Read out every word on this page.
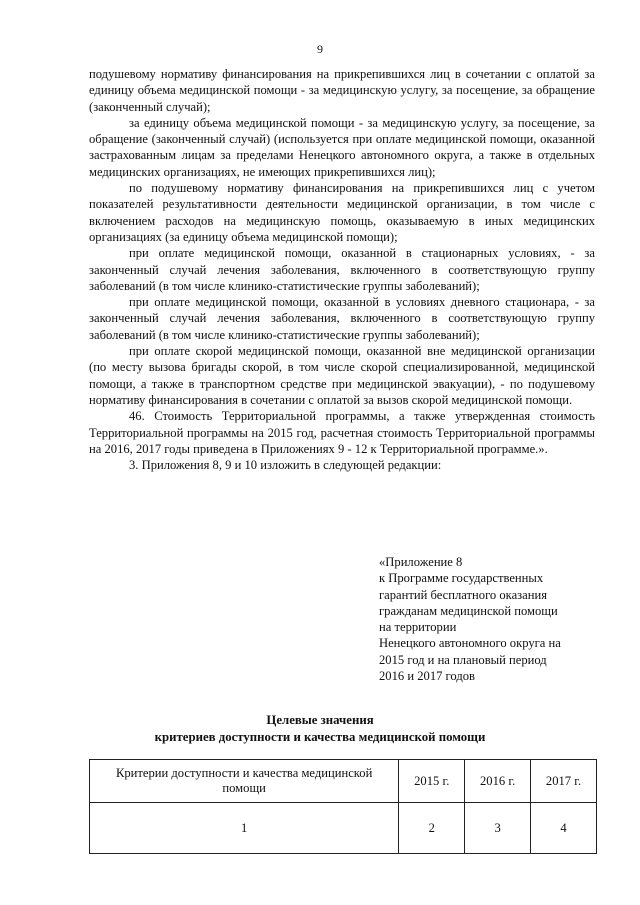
9

подушевому нормативу финансирования на прикрепившихся лиц в сочетании с оплатой за единицу объема медицинской помощи - за медицинскую услугу, за посещение, за обращение (законченный случай);

за единицу объема медицинской помощи - за медицинскую услугу, за посещение, за обращение (законченный случай) (используется при оплате медицинской помощи, оказанной застрахованным лицам за пределами Ненецкого автономного округа, а также в отдельных медицинских организациях, не имеющих прикрепившихся лиц);

по подушевому нормативу финансирования на прикрепившихся лиц с учетом показателей результативности деятельности медицинской организации, в том числе с включением расходов на медицинскую помощь, оказываемую в иных медицинских организациях (за единицу объема медицинской помощи);

при оплате медицинской помощи, оказанной в стационарных условиях, - за законченный случай лечения заболевания, включенного в соответствующую группу заболеваний (в том числе клинико-статистические группы заболеваний);

при оплате медицинской помощи, оказанной в условиях дневного стационара, - за законченный случай лечения заболевания, включенного в соответствующую группу заболеваний (в том числе клинико-статистические группы заболеваний);

при оплате скорой медицинской помощи, оказанной вне медицинской организации (по месту вызова бригады скорой, в том числе скорой специализированной, медицинской помощи, а также в транспортном средстве при медицинской эвакуации), - по подушевому нормативу финансирования в сочетании с оплатой за вызов скорой медицинской помощи.

46. Стоимость Территориальной программы, а также утвержденная стоимость Территориальной программы на 2015 год, расчетная стоимость Территориальной программы на 2016, 2017 годы приведена в Приложениях 9 - 12 к Территориальной программе.».

3. Приложения 8, 9 и 10 изложить в следующей редакции:

«Приложение 8
к Программе государственных
гарантий бесплатного оказания
гражданам медицинской помощи
на территории
Ненецкого автономного округа на
2015 год и на плановый период
2016 и 2017 годов
Целевые значения
критериев доступности и качества медицинской помощи
Критерии доступности и качества медицинской помощи	2015 г.	2016 г.	2017 г.
1	2	3	4
